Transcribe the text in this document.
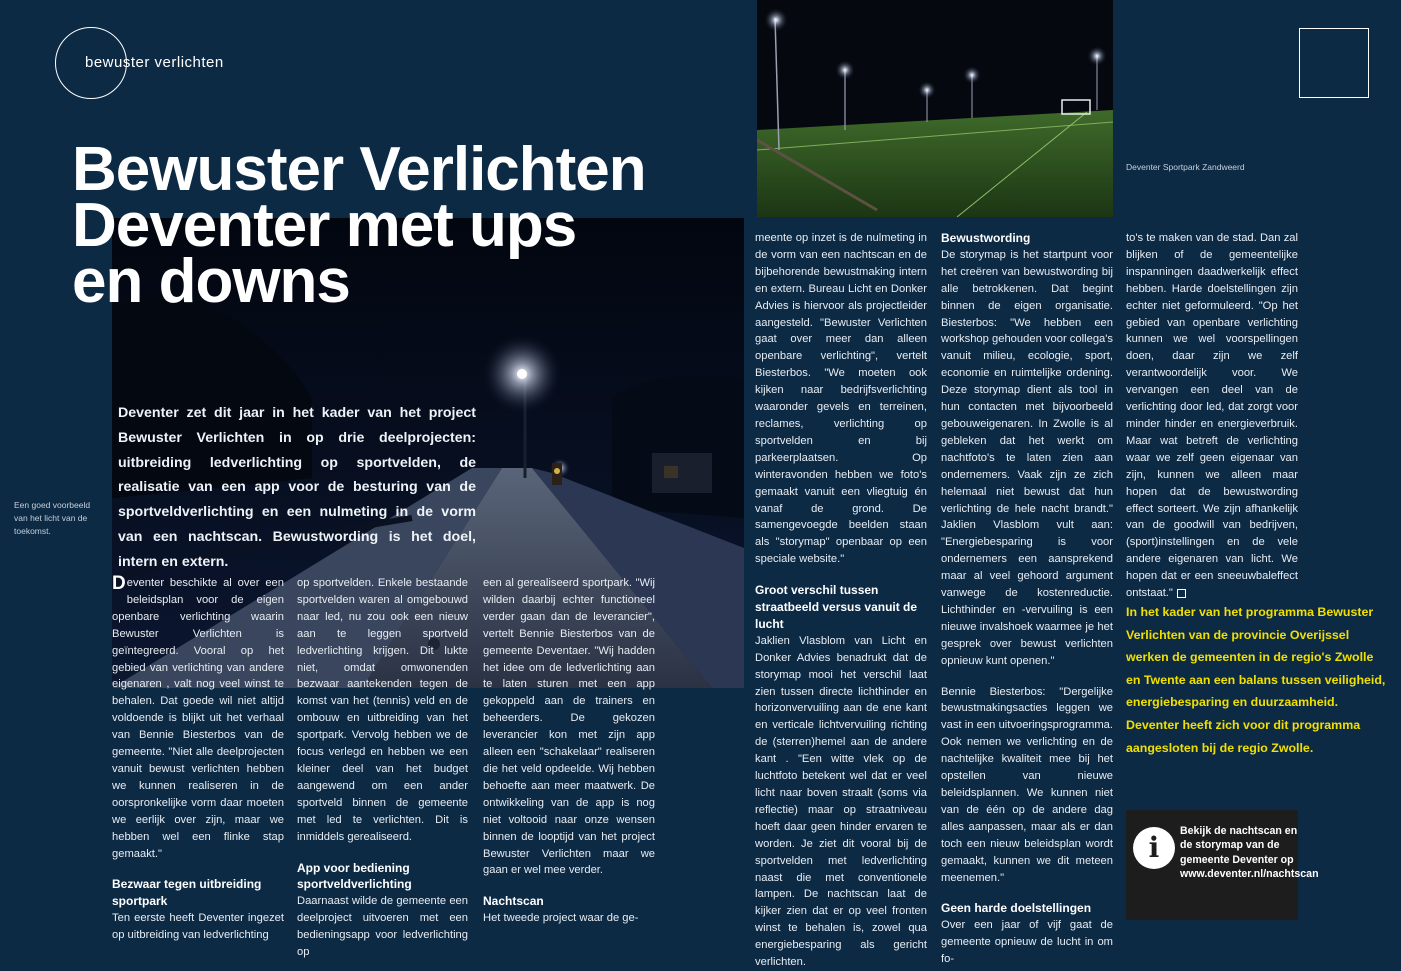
bewuster verlichten
Een goed voorbeeld van het licht van de toekomst.
Bewuster Verlichten
Deventer met ups
en downs
Deventer zet dit jaar in het kader van het project Bewuster Verlichten in op drie deelprojecten: uitbreiding ledverlichting op sportvelden, de realisatie van een app voor de besturing van de sportveldverlichting en een nulmeting in de vorm van een nachtscan. Bewustwording is het doel, intern en extern.

Deventer beschikte al over een beleidsplan voor de eigen openbare verlichting waarin Bewuster Verlichten is geïntegreerd. Vooral op het gebied van verlichting van andere eigenaren , valt nog veel winst te behalen. Dat goede wil niet altijd voldoende is blijkt uit het verhaal van Bennie Biesterbos van de gemeente. "Niet alle deelprojecten vanuit bewust verlichten hebben we kunnen realiseren in de oorspronkelijke vorm daar moeten we eerlijk over zijn, maar we hebben wel een flinke stap gemaakt."

Bezwaar tegen uitbreiding sportpark

Ten eerste heeft Deventer ingezet op uitbreiding van ledverlichting

op sportvelden. Enkele bestaande sportvelden waren al omgebouwd naar led, nu zou ook een nieuw aan te leggen sportveld ledverlichting krijgen. Dit lukte niet, omdat omwonenden bezwaar aantekenden tegen de komst van het (tennis) veld en de ombouw en uitbreiding van het sportpark. Vervolg hebben we de focus verlegd en hebben we een kleiner deel van het budget aangewend om een ander sportveld binnen de gemeente met led te verlichten. Dit is inmiddels gerealiseerd.

App voor bediening sportveldverlichting

Daarnaast wilde de gemeente een deelproject uitvoeren met een bedieningsapp voor ledverlichting op

een al gerealiseerd sportpark. "Wij wilden daarbij echter functioneel verder gaan dan de leverancier", vertelt Bennie Biesterbos van de gemeente Deventaer. "Wij hadden het idee om de ledverlichting aan te laten sturen met een app gekoppeld aan de trainers en beheerders. De gekozen leverancier kon met zijn app alleen een "schakelaar" realiseren die het veld opdeelde. Wij hebben behoefte aan meer maatwerk. De ontwikkeling van de app is nog niet voltooid naar onze wensen binnen de looptijd van het project Bewuster Verlichten maar we gaan er wel mee verder.

Nachtscan

Het tweede project waar de ge-

meente op inzet is de nulmeting in de vorm van een nachtscan en de bijbehorende bewustmaking intern en extern. Bureau Licht en Donker Advies is hiervoor als projectleider aangesteld. "Bewuster Verlichten gaat over meer dan alleen openbare verlichting", vertelt Biesterbos. "We moeten ook kijken naar bedrijfsverlichting waaronder gevels en terreinen, reclames, verlichting op sportvelden en bij parkeerplaatsen. Op winteravonden hebben we foto's gemaakt vanuit een vliegtuig én vanaf de grond. De samengevoegde beelden staan als "storymap" openbaar op een speciale website."

Groot verschil tussen straatbeeld versus vanuit de lucht

Jaklien Vlasblom van Licht en Donker Advies benadrukt dat de storymap mooi het verschil laat zien tussen directe lichthinder en horizonvervuiling aan de ene kant en verticale lichtvervuiling richting de (sterren)hemel aan de andere kant . "Een witte vlek op de luchtfoto betekent wel dat er veel licht naar boven straalt (soms via reflectie) maar op straatniveau hoeft daar geen hinder ervaren te worden. Je ziet dit vooral bij de sportvelden met ledverlichting naast die met conventionele lampen. De nachtscan laat de kijker zien dat er op veel fronten winst te behalen is, zowel qua energiebesparing als gericht verlichten.

Deventer Sportpark Zandweerd
Bewustwording

De storymap is het startpunt voor het creëren van bewustwording bij alle betrokkenen. Dat begint binnen de eigen organisatie. Biesterbos: "We hebben een workshop gehouden voor collega's vanuit milieu, ecologie, sport, economie en ruimtelijke ordening. Deze storymap dient als tool in hun contacten met bijvoorbeeld gebouweigenaren. In Zwolle is al gebleken dat het werkt om nachtfoto's te laten zien aan ondernemers. Vaak zijn ze zich helemaal niet bewust dat hun verlichting de hele nacht brandt." Jaklien Vlasblom vult aan: "Energiebesparing is voor ondernemers een aansprekend maar al veel gehoord argument vanwege de kostenreductie. Lichthinder en -vervuiling is een nieuwe invalshoek waarmee je het gesprek over bewust verlichten opnieuw kunt openen."

Bennie Biesterbos: "Dergelijke bewustmakingsacties leggen we vast in een uitvoeringsprogramma. Ook nemen we verlichting en de nachtelijke kwaliteit mee bij het opstellen van nieuwe beleidsplannen. We kunnen niet van de één op de andere dag alles aanpassen, maar als er dan toch een nieuw beleidsplan wordt gemaakt, kunnen we dit meteen meenemen."

Geen harde doelstellingen

Over een jaar of vijf gaat de gemeente opnieuw de lucht in om fo-

to's te maken van de stad. Dan zal blijken of de gemeentelijke inspanningen daadwerkelijk effect hebben. Harde doelstellingen zijn echter niet geformuleerd. "Op het gebied van openbare verlichting kunnen we wel voorspellingen doen, daar zijn we zelf verantwoordelijk voor. We vervangen een deel van de verlichting door led, dat zorgt voor minder hinder en energieverbruik. Maar wat betreft de verlichting waar we zelf geen eigenaar van zijn, kunnen we alleen maar hopen dat de bewustwording effect sorteert. We zijn afhankelijk van de goodwill van bedrijven, (sport)instellingen en de vele andere eigenaren van licht. We hopen dat er een sneeuwbaleffect ontstaat."

In het kader van het programma Bewuster Verlichten van de provincie Overijssel werken de gemeenten in de regio's Zwolle en Twente aan een balans tussen veiligheid, energiebesparing en duurzaamheid. Deventer heeft zich voor dit programma aangesloten bij de regio Zwolle.
i	Bekijk de nachtscan en de storymap van de gemeente Deventer op www.deventer.nl/nachtscan
